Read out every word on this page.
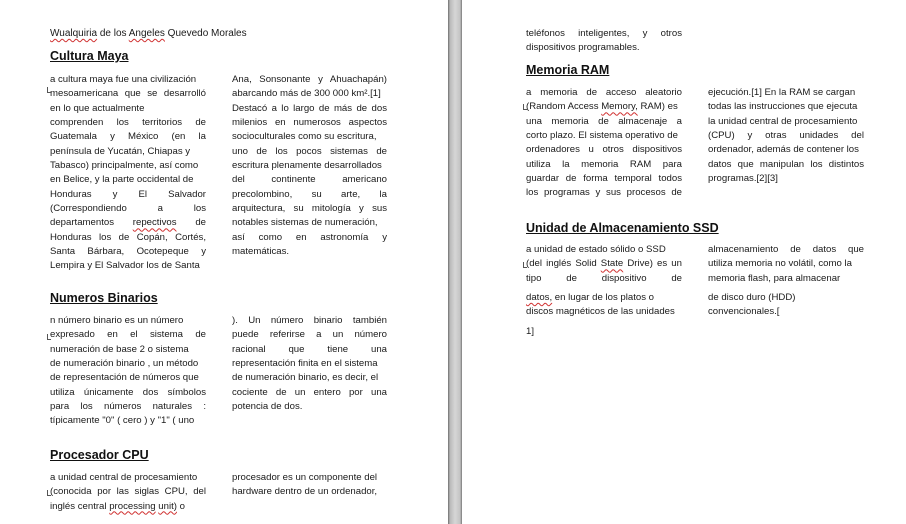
Wualquiria de los Angeles Quevedo Morales
Cultura Maya
a cultura maya fue una civilización
mesoamericana que se desarrolló
en lo que actualmente
comprenden los territorios de
Guatemala y México (en la
península de Yucatán, Chiapas y
Tabasco) principalmente, así como
en Belice, y la parte occidental de
Honduras y El Salvador
(Correspondiendo a los
departamentos repectivos de
Honduras los de Copán, Cortés,
Santa Bárbara, Ocotepeque y
Lempira y El Salvador los de Santa
Ana, Sonsonante y Ahuachapán)
abarcando más de 300 000 km².[1]
Destacó a lo largo de más de dos
milenios en numerosos aspectos
socioculturales como su escritura,
uno de los pocos sistemas de
escritura plenamente desarrollados
del continente americano
precolombino, su arte, la
arquitectura, su mitología y sus
notables sistemas de numeración,
así como en astronomía y
matemáticas.
Numeros Binarios
n número binario es un número
expresado en el sistema de
numeración de base 2 o sistema
de numeración binario , un método
de representación de números que
utiliza únicamente dos símbolos
para los números naturales :
típicamente "0" ( cero ) y "1" ( uno
). Un número binario también
puede referirse a un número
racional que tiene una
representación finita en el sistema
de numeración binario, es decir, el
cociente de un entero por una
potencia de dos.
Procesador CPU
a unidad central de procesamiento
(conocida por las siglas CPU, del
inglés central processing unit) o
procesador es un componente del
hardware dentro de un ordenador,
teléfonos inteligentes, y otros
dispositivos programables.
Memoria RAM
a memoria de acceso aleatorio
(Random Access Memory, RAM) es
una memoria de almacenaje a
corto plazo. El sistema operativo de
ordenadores u otros dispositivos
utiliza la memoria RAM para
guardar de forma temporal todos
los programas y sus procesos de
ejecución.[1] En la RAM se cargan
todas las instrucciones que ejecuta
la unidad central de procesamiento
(CPU) y otras unidades del
ordenador, además de contener los
datos que manipulan los distintos
programas.[2][3]
Unidad de Almacenamiento SSD
a unidad de estado sólido o SSD
(del inglés Solid State Drive) es un
tipo de dispositivo de
almacenamiento de datos que
utiliza memoria no volátil, como la
memoria flash, para almacenar
datos, en lugar de los platos o
discos magnéticos de las unidades
de disco duro (HDD)
convencionales.[
1]
